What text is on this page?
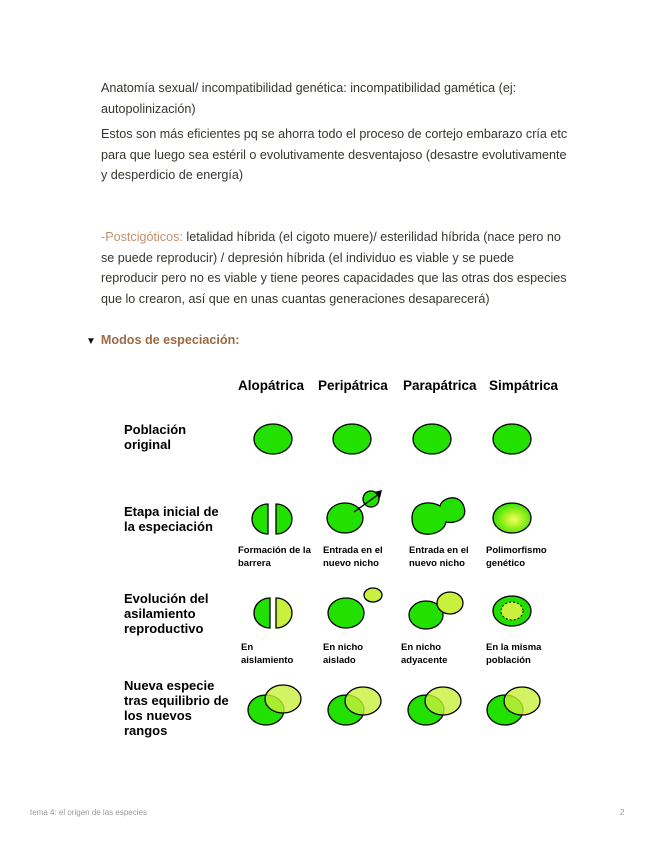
Anatomía sexual/ incompatibilidad genética: incompatibilidad gamética (ej: autopolinización)

Estos son más eficientes pq se ahorra todo el proceso de cortejo embarazo cría etc para que luego sea estéril o evolutivamente desventajoso (desastre evolutivamente y desperdicio de energía)

-Postcigóticos: letalidad híbrida (el cigoto muere)/ esterilidad híbrida (nace pero no se puede reproducir) / depresión híbrida (el individuo es viable y se puede reproducir pero no es viable y tiene peores capacidades que las otras dos especies que lo crearon, así que en unas cuantas generaciones desaparecerá)

▼ Modos de especiación:
Alopátrica Peripátrica Parapátrica Simpátrica
Población original
Etapa inicial de la especiación
Evolución del asilamiento reproductivo
Nueva especie tras equilibrio de los nuevos rangos
Formación de la barrera
Entrada en el nuevo nicho
Entrada en el nuevo nicho
Polimorfismo genético
En aislamiento
En nicho aislado
En nicho adyacente
En la misma población
tema 4: el origen de las especies	2
